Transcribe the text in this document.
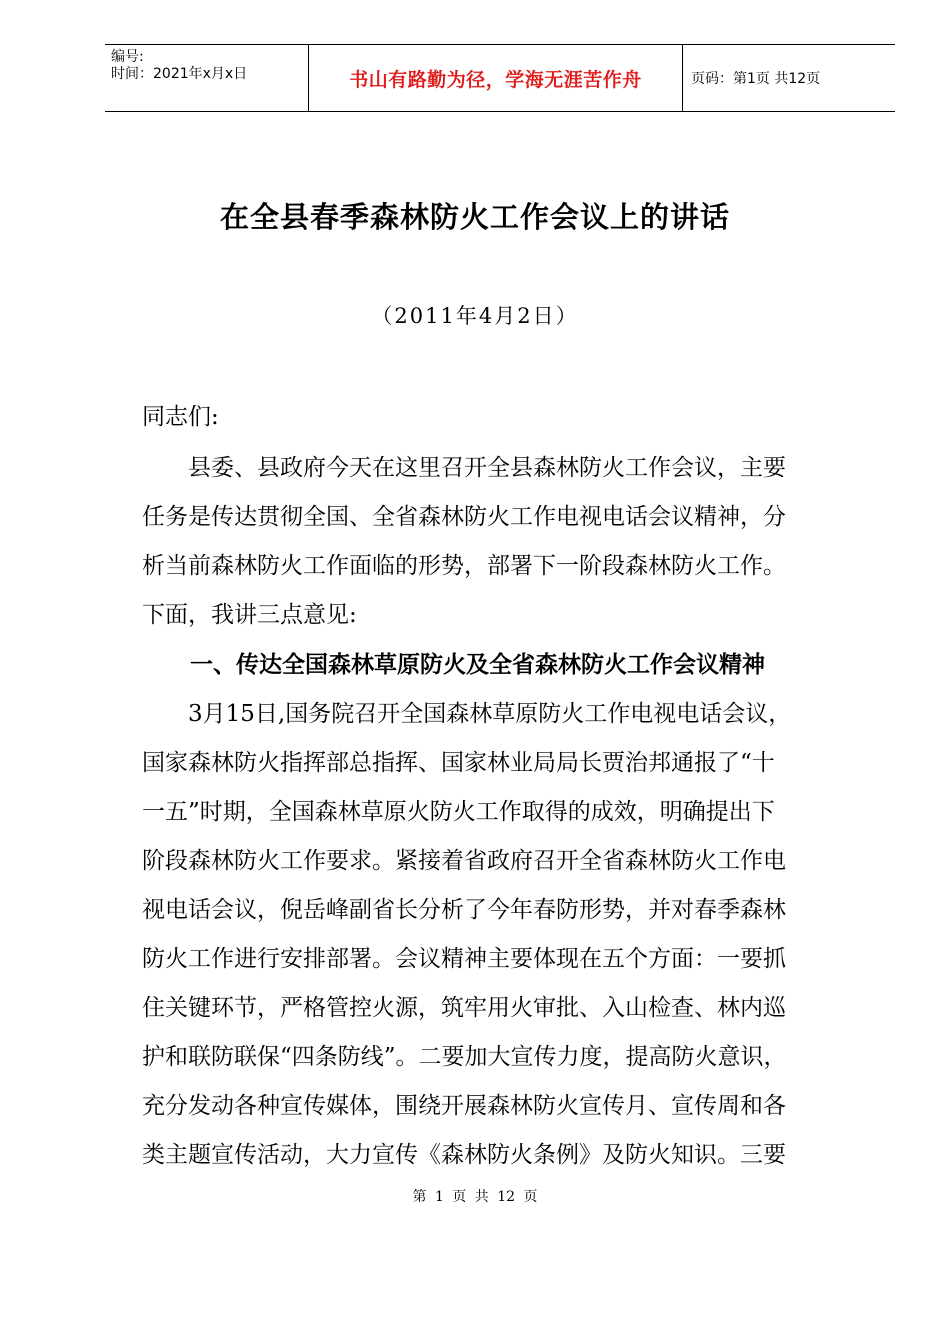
编号:
时间：2021年x月x日	书山有路勤为径，学海无涯苦作舟	页码：第1页 共12页
在全县春季森林防火工作会议上的讲话
（2011年4月2日）
同志们:
县委、县政府今天在这里召开全县森林防火工作会议，主要
任务是传达贯彻全国、全省森林防火工作电视电话会议精神，分
析当前森林防火工作面临的形势，部署下一阶段森林防火工作。
下面，我讲三点意见:
一、传达全国森林草原防火及全省森林防火工作会议精神
3月15日,国务院召开全国森林草原防火工作电视电话会议，
国家森林防火指挥部总指挥、国家林业局局长贾治邦通报了“十
一五”时期，全国森林草原火防火工作取得的成效，明确提出下
阶段森林防火工作要求。紧接着省政府召开全省森林防火工作电
视电话会议，倪岳峰副省长分析了今年春防形势，并对春季森林
防火工作进行安排部署。会议精神主要体现在五个方面：一要抓
住关键环节，严格管控火源，筑牢用火审批、入山检查、林内巡
护和联防联保“四条防线”。二要加大宣传力度，提高防火意识，
充分发动各种宣传媒体，围绕开展森林防火宣传月、宣传周和各
类主题宣传活动，大力宣传《森林防火条例》及防火知识。三要
第 1 页 共 12 页
